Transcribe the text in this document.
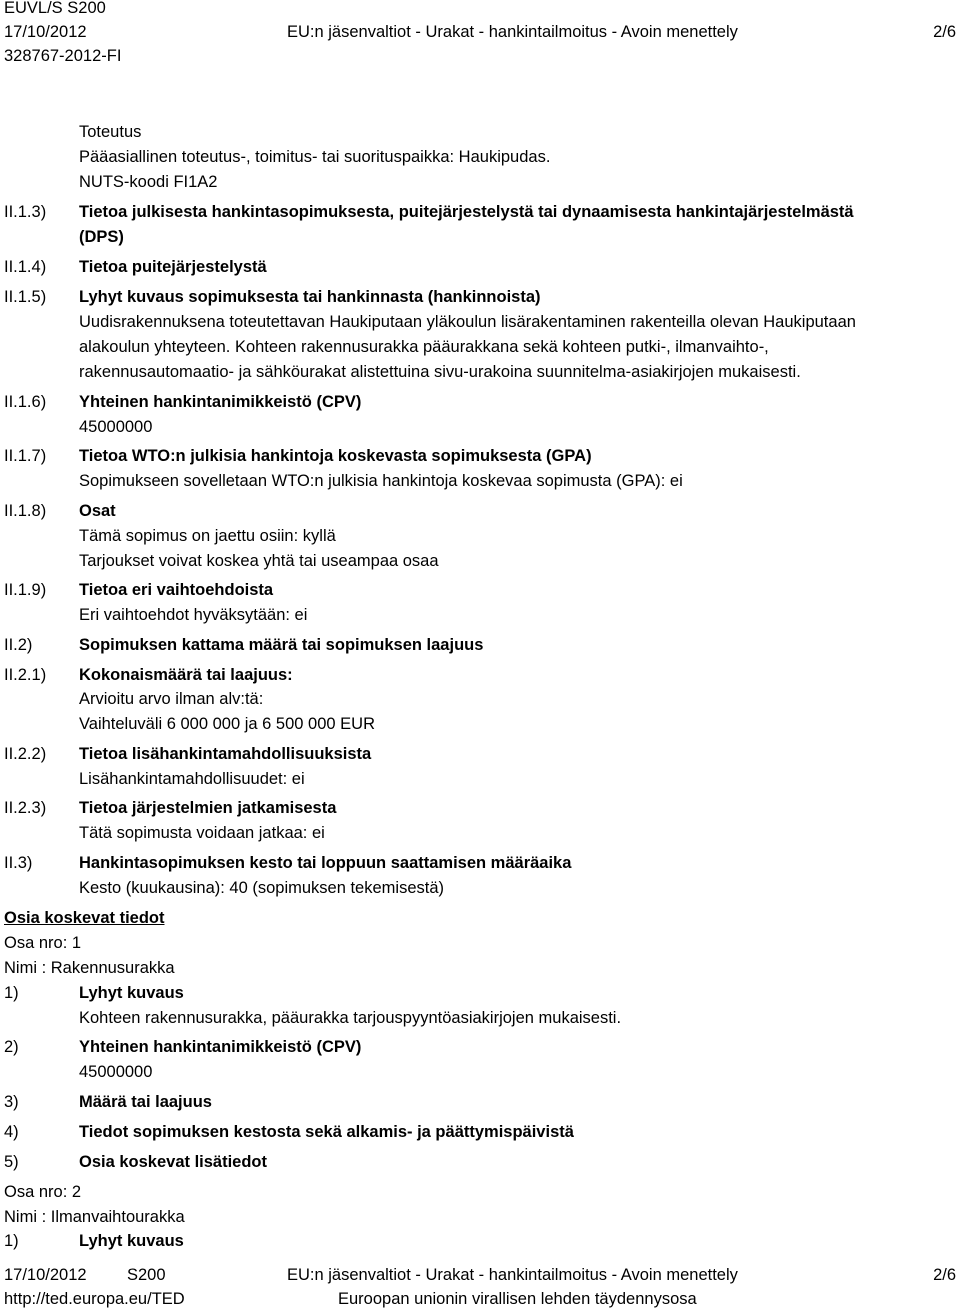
EUVL/S S200
17/10/2012	EU:n jäsenvaltiot - Urakat - hankintailmoitus - Avoin menettely	2/6
328767-2012-FI
Toteutus
Pääasiallinen toteutus-, toimitus- tai suorituspaikka: Haukipudas.
NUTS-koodi FI1A2
II.1.3) Tietoa julkisesta hankintasopimuksesta, puitejärjestelystä tai dynaamisesta hankintajärjestelmästä
(DPS)
II.1.4) Tietoa puitejärjestelystä
II.1.5) Lyhyt kuvaus sopimuksesta tai hankinnasta (hankinnoista)
Uudisrakennuksena toteutettavan Haukiputaan yläkoulun lisärakentaminen rakenteilla olevan Haukiputaan
alakoulun yhteyteen. Kohteen rakennusurakka pääurakkana sekä kohteen putki-, ilmanvaihto-,
rakennusautomaatio- ja sähköurakat alistettuina sivu-urakoina suunnitelma-asiakirjojen mukaisesti.
II.1.6) Yhteinen hankintanimikkeistö (CPV)
45000000
II.1.7) Tietoa WTO:n julkisia hankintoja koskevasta sopimuksesta (GPA)
Sopimukseen sovelletaan WTO:n julkisia hankintoja koskevaa sopimusta (GPA): ei
II.1.8) Osat
Tämä sopimus on jaettu osiin: kyllä
Tarjoukset voivat koskea yhtä tai useampaa osaa
II.1.9) Tietoa eri vaihtoehdoista
Eri vaihtoehdot hyväksytään: ei
II.2)	Sopimuksen kattama määrä tai sopimuksen laajuus
II.2.1) Kokonaismäärä tai laajuus:
Arvioitu arvo ilman alv:tä:
Vaihteluväli 6 000 000 ja 6 500 000 EUR
II.2.2) Tietoa lisähankintamahdollisuuksista
Lisähankintamahdollisuudet: ei
II.2.3) Tietoa järjestelmien jatkamisesta
Tätä sopimusta voidaan jatkaa: ei
II.3)	Hankintasopimuksen kesto tai loppuun saattamisen määräaika
Kesto (kuukausina): 40 (sopimuksen tekemisestä)
Osia koskevat tiedot
Osa nro: 1
Nimi : Rakennusurakka
1)	Lyhyt kuvaus
Kohteen rakennusurakka, pääurakka tarjouspyyntöasiakirjojen mukaisesti.
2)	Yhteinen hankintanimikkeistö (CPV)
45000000
3)	Määrä tai laajuus
4)	Tiedot sopimuksen kestosta sekä alkamis- ja päättymispäivistä
5)	Osia koskevat lisätiedot
Osa nro: 2
Nimi : Ilmanvaihtourakka
1)	Lyhyt kuvaus
17/10/2012 S200	EU:n jäsenvaltiot - Urakat - hankintailmoitus - Avoin menettely	2/6
http://ted.europa.eu/TED	Euroopan unionin virallisen lehden täydennysosa
